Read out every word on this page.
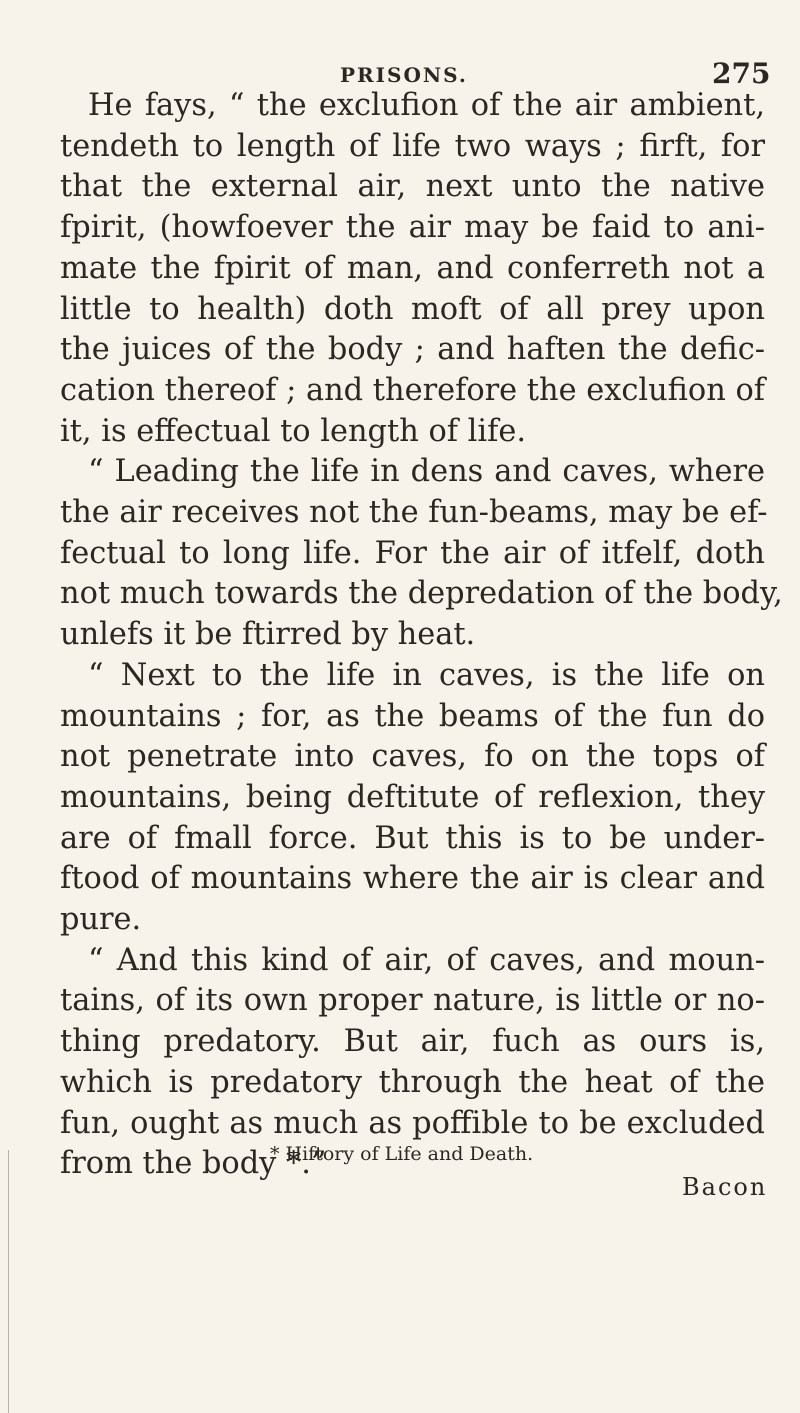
PRISONS.	275
He fays, “ the exclufion of the air ambient,
tendeth to length of life two ways ; firft, for
that the external air, next unto the native
fpirit, (howfoever the air may be faid to ani-
mate the fpirit of man, and conferreth not a
little to health) doth moft of all prey upon
the juices of the body ; and haften the defic-
cation thereof ; and therefore the exclufion of
it, is effectual to length of life.
“ Leading the life in dens and caves, where
the air receives not the fun-beams, may be ef-
fectual to long life. For the air of itfelf, doth
not much towards the depredation of the body,
unlefs it be ftirred by heat.
“ Next to the life in caves, is the life on
mountains ; for, as the beams of the fun do
not penetrate into caves, fo on the tops of
mountains, being deftitute of reflexion, they
are of fmall force. But this is to be under-
ftood of mountains where the air is clear and
pure.
“ And this kind of air, of caves, and moun-
tains, of its own proper nature, is little or no-
thing predatory. But air, fuch as ours is,
which is predatory through the heat of the
fun, ought as much as poffible to be excluded
from the body *.”
* Hiftory of Life and Death.
Bacon
